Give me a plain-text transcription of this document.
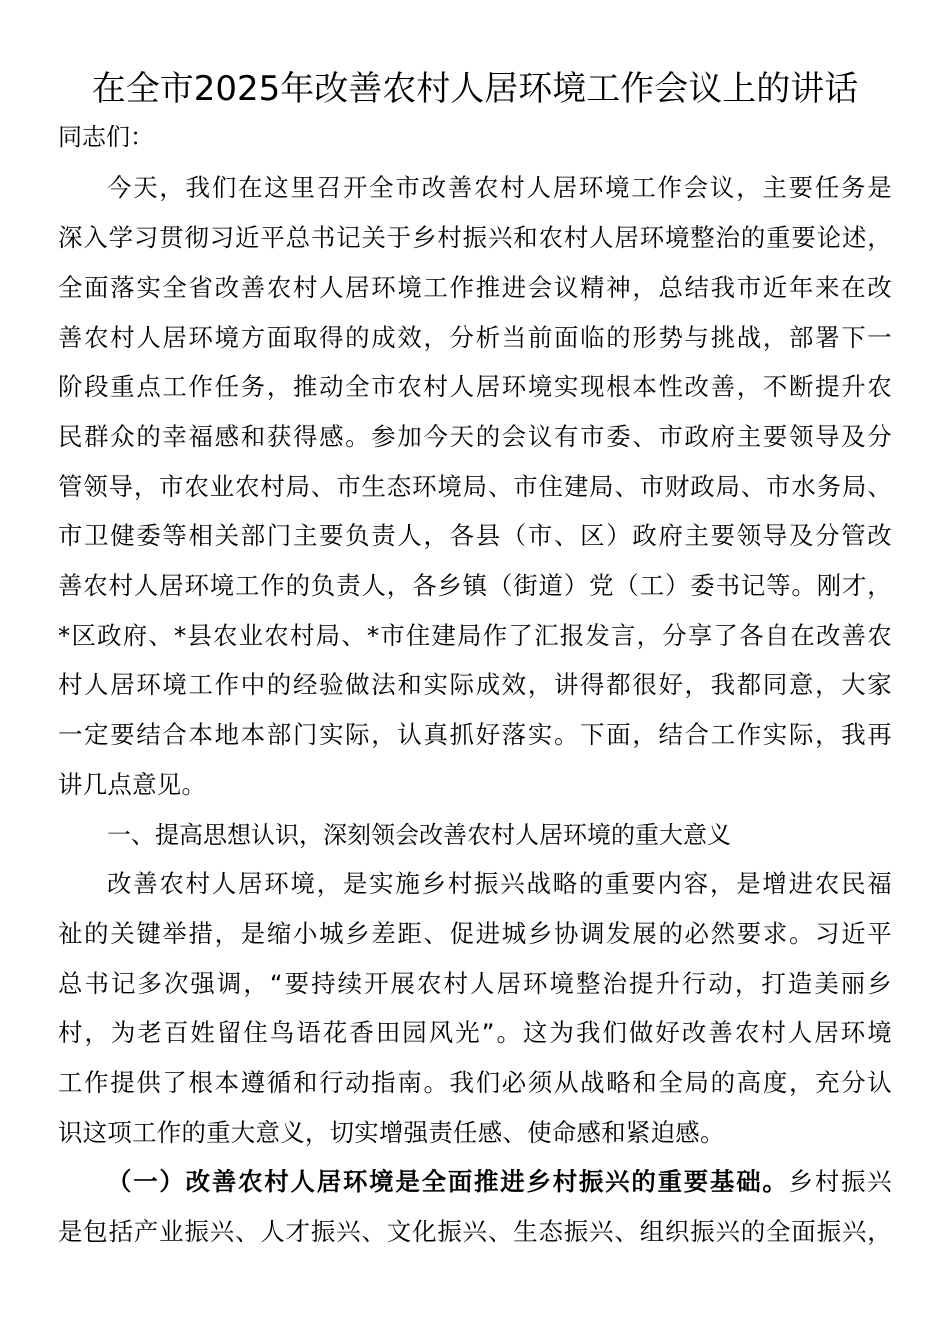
在全市2025年改善农村人居环境工作会议上的讲话

同志们：

今天，我们在这里召开全市改善农村人居环境工作会议，主要任务是

深入学习贯彻习近平总书记关于乡村振兴和农村人居环境整治的重要论述，

全面落实全省改善农村人居环境工作推进会议精神，总结我市近年来在改

善农村人居环境方面取得的成效，分析当前面临的形势与挑战，部署下一

阶段重点工作任务，推动全市农村人居环境实现根本性改善，不断提升农

民群众的幸福感和获得感。参加今天的会议有市委、市政府主要领导及分

管领导，市农业农村局、市生态环境局、市住建局、市财政局、市水务局、

市卫健委等相关部门主要负责人，各县（市、区）政府主要领导及分管改

善农村人居环境工作的负责人，各乡镇（街道）党（工）委书记等。刚才，

*区政府、*县农业农村局、*市住建局作了汇报发言，分享了各自在改善农

村人居环境工作中的经验做法和实际成效，讲得都很好，我都同意，大家

一定要结合本地本部门实际，认真抓好落实。下面，结合工作实际，我再

讲几点意见。

一、提高思想认识，深刻领会改善农村人居环境的重大意义

改善农村人居环境，是实施乡村振兴战略的重要内容，是增进农民福

祉的关键举措，是缩小城乡差距、促进城乡协调发展的必然要求。习近平

总书记多次强调，“要持续开展农村人居环境整治提升行动，打造美丽乡

村，为老百姓留住鸟语花香田园风光”。这为我们做好改善农村人居环境

工作提供了根本遵循和行动指南。我们必须从战略和全局的高度，充分认

识这项工作的重大意义，切实增强责任感、使命感和紧迫感。

（一）改善农村人居环境是全面推进乡村振兴的重要基础。乡村振兴

是包括产业振兴、人才振兴、文化振兴、生态振兴、组织振兴的全面振兴，
